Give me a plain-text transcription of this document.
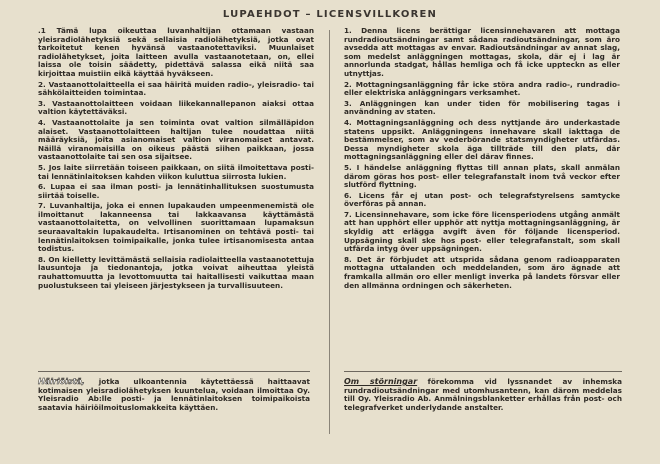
LUPAEHDOT – LICENSVILLKOREN

.1 Tämä lupa oikeuttaa luvanhaltijan ottamaan vastaan yleisradiolähetyksiä sekä sellaisia radiolähetyksiä, jotka ovat tarkoitetut kenen hyvänsä vastaanotettaviksi. Muunlaiset radiolähetykset, joita laitteen avulla vastaanotetaan, on, ellei laissa ole toisin säädetty, pidettävä salassa eikä niitä saa kirjoittaa muistiin eikä käyttää hyväkseen.

2. Vastaanottolaitteella ei saa häiritä muiden radio-, yleisradio- tai sähkölaitteiden toimintaa.

3. Vastaanottolaitteen voidaan liikekannallepanon aiaksi ottaa valtion käytettäväksi.

4. Vastaanottolaite ja sen toiminta ovat valtion silmälläpidon alaiset. Vastaanottolaitteen haltijan tulee noudattaa niitä määräyksiä, joita asianomaiset valtion viranomaiset antavat. Näillä viranomaisilla on oikeus päästä siihen paikkaan, jossa vastaanottolaite tai sen osa sijaitsee.

5. Jos laite siirretään toiseen paikkaan, on siitä ilmoitettava posti- tai lennätinlaitoksen kahden viikon kuluttua siirrosta lukien.

6. Lupaa ei saa ilman posti- ja lennätinhallituksen suostumusta siirtää toiselle.

7. Luvanhaltija, joka ei ennen lupakauden umpeenmenemistä ole ilmoittanut lakanneensa tai lakkaavansa käyttämästä vastaanottolaitetta, on velvollinen suorittamaan lupamaksun seuraavaltakin lupakaudelta. Irtisanominen on tehtävä posti- tai lennätinlaitoksen toimipaikalle, jonka tulee irtisanomisesta antaa todistus.

8. On kielletty levittämästä sellaisia radiolaitteella vastaanotettuja lausuntoja ja tiedonantoja, jotka voivat aiheuttaa yleistä rauhattomuutta ja levottomuutta tai haitallisesti vaikuttaa maan puolustukseen tai yleiseen järjestykseen ja turvallisuuteen.

1. Denna licens berättigar licensinnehavaren att mottaga rundradioutsändningar samt sådana radioutsändningar, som äro avsedda att mottagas av envar. Radioutsändningar av annat slag, som medelst anläggningen mottagas, skola, där ej i lag är annorlunda stadgat, hållas hemliga och få icke uppteckn as eller utnyttjas.

2. Mottagningsanläggning får icke störa andra radio-, rundradio- eller elektriska anläggningars verksamhet.

3. Anläggningen kan under tiden för mobilisering tagas i användning av staten.

4. Mottagningsanläggning och dess nyttjande äro underkastade statens uppsikt. Anläggningens innehavare skall iakttaga de bestämmelser, som av vederbörande statsmyndigheter utfärdas. Dessa myndigheter skola äga tillträde till den plats, där mottagningsanläggning eller del därav finnes.

5. I händelse anläggning flyttas till annan plats, skall anmälan därom göras hos post- eller telegrafanstalt inom två veckor efter slutförd flyttning.

6. Licens får ej utan post- och telegrafstyrelsens samtycke överföras på annan.

7. Licensinnehavare, som icke före licensperiodens utgång anmält att han upphört eller upphör att nyttja mottagningsanläggning, är skyldig att erlägga avgift även för följande licensperiod. Uppsägning skall ske hos post- eller telegrafanstalt, som skall utfärda intyg över uppsägningen.

8. Det är förbjudet att utsprida sådana genom radioapparaten mottagna uttalanden och meddelanden, som äro ägnade att framkalla allmän oro eller menligt inverka på landets försvar eller den allmänna ordningen och säkerheten.

Häiriöistä, jotka ulkoantennia käytettäessä haittaavat kotimaisen yleisradiolähetyksen kuuntelua, voidaan ilmoittaa Oy. Yleisradio Ab:lle posti- ja lennätinlaitoksen toimipaikoista saatavia häiriöilmoituslomakkeita käyttäen.
Om störningar förekomma vid lyssnandet av inhemska rundradioutsändningar med utomhusantenn, kan därom meddelas till Oy. Yleisradio Ab. Anmälningsblanketter erhållas från post- och telegrafverket underlydande anstalter.
